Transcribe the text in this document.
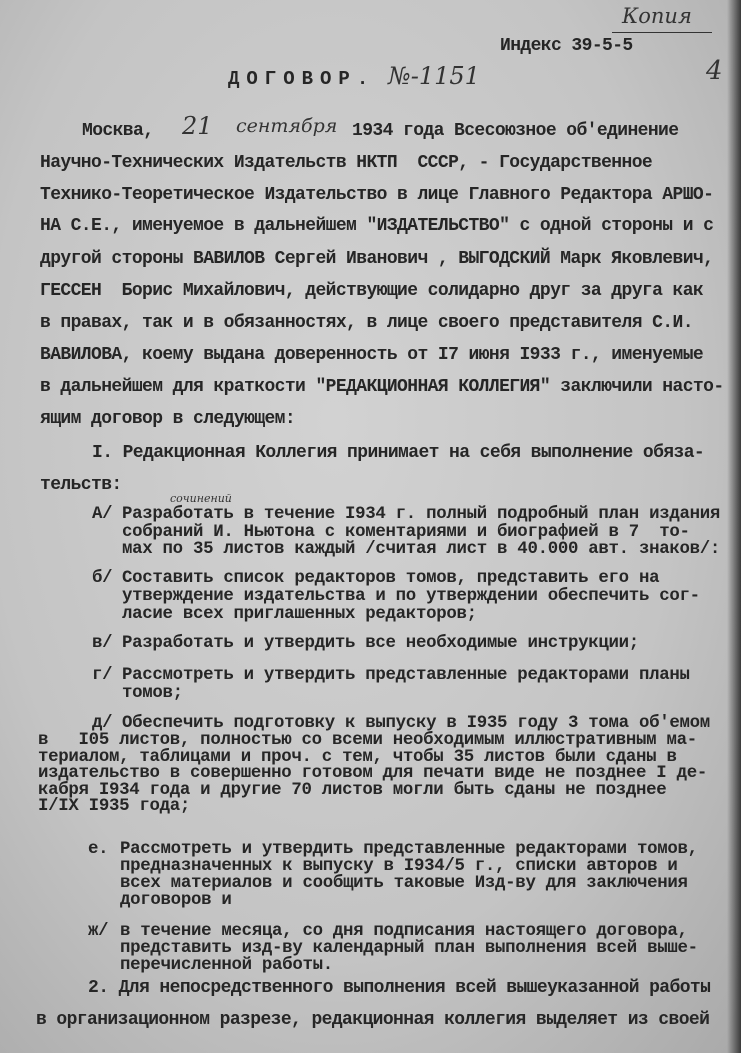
Копия
Индекс 39-5-5
4
ДОГОВОР. №-1151
Москва, 21 сентября 1934 года Всесоюзное об'единение
Научно-Технических Издательств НКТП  СССР, - Государственное
Технико-Теоретическое Издательство в лице Главного Редактора АРШО-
НА С.Е., именуемое в дальнейшем "ИЗДАТЕЛЬСТВО" с одной стороны и с
другой стороны ВАВИЛОВ Сергей Иванович , ВЫГОДСКИЙ Марк Яковлевич,
ГЕССЕН  Борис Михайлович, действующие солидарно друг за друга как
в правах, так и в обязанностях, в лице своего представителя С.И.
ВАВИЛОВА, коему выдана доверенность от I7 июня I933 г., именуемые
в дальнейшем для краткости "РЕДАКЦИОННАЯ КОЛЛЕГИЯ" заключили насто-
ящим договор в следующем:
I. Редакционная Коллегия принимает на себя выполнение обяза-
тельств:
сочинений
А/ Разработать в течение I934 г. полный подробный план издания
собраний И. Ньютона с коментариями и биографией в 7  то-
мах по 35 листов каждый /считая лист в 40.000 авт. знаков/:
б/ Составить список редакторов томов, представить его на
утверждение издательства и по утверждении обеспечить сог-
ласие всех приглашенных редакторов;
в/ Разработать и утвердить все необходимые инструкции;
г/ Рассмотреть и утвердить представленные редакторами планы
томов;
д/ Обеспечить подготовку к выпуску в I935 году 3 тома об'емом
в   I05 листов, полностью со всеми необходимым иллюстративным ма-
териалом, таблицами и проч. с тем, чтобы 35 листов были сданы в
издательство в совершенно готовом для печати виде не позднее I де-
кабря I934 года и другие 70 листов могли быть сданы не позднее
I/IX I935 года;
е. Рассмотреть и утвердить представленные редакторами томов,
предназначенных к выпуску в I934/5 г., списки авторов и
всех материалов и сообщить таковые Изд-ву для заключения
договоров и
ж/ в течение месяца, со дня подписания настоящего договора,
представить изд-ву календарный план выполнения всей выше-
перечисленной работы.
2. Для непосредственного выполнения всей вышеуказанной работы
в организационном разрезе, редакционная коллегия выделяет из своей
